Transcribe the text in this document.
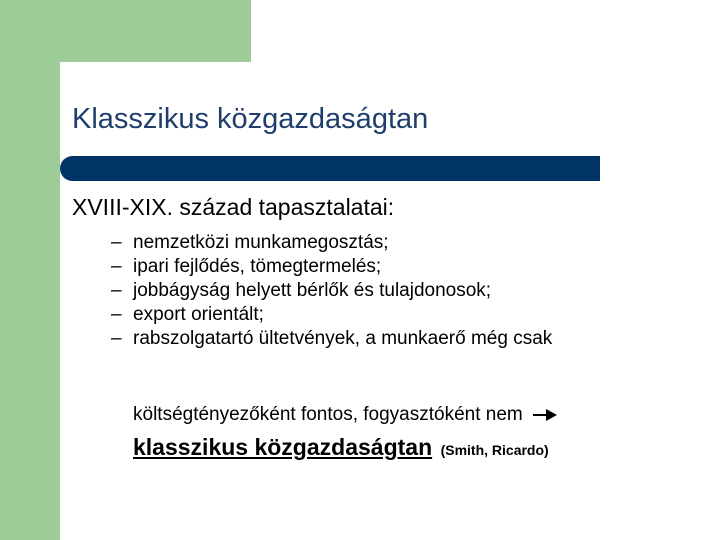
Klasszikus közgazdaságtan
XVIII-XIX. század tapasztalatai:
– nemzetközi munkamegosztás;
– ipari fejlődés, tömegtermelés;
– jobbágyság helyett bérlők és tulajdonosok;
– export orientált;
– rabszolgatartó ültetvények, a munkaerő még csak
költségtényezőként fontos, fogyasztóként nem
klasszikus közgazdaságtan (Smith, Ricardo)
